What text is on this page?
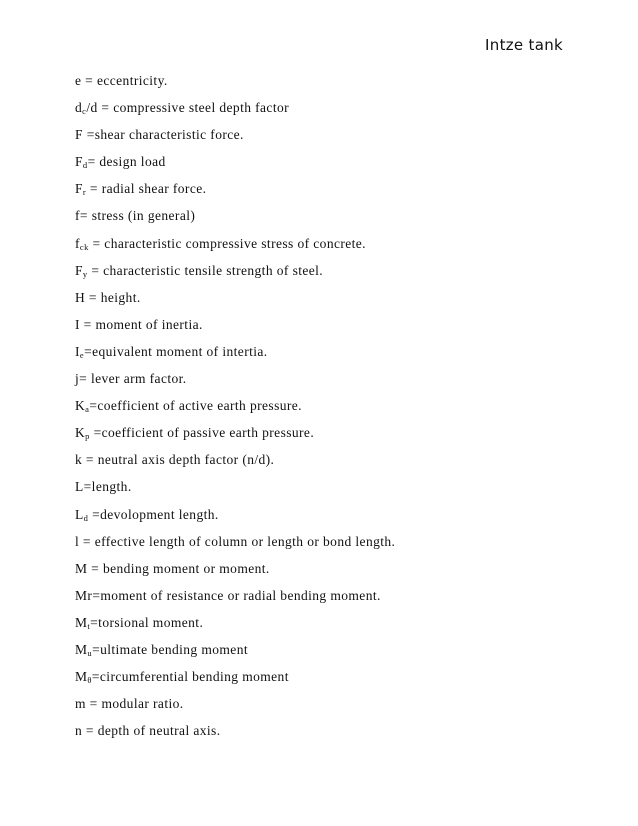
Intze tank
e = eccentricity.
$d_c/d$ = compressive steel depth factor
F =shear characteristic force.
$F_d=$ design load
$F_r$ = radial shear force.
f= stress (in general)
$f_{ck}$ = characteristic compressive stress of concrete.
$F_y$ = characteristic tensile strength of steel.
H = height.
I = moment of inertia.
$I_e=equivalent$ moment of intertia.
j= lever arm factor.
$K_a=coefficient$ of active earth pressure.
$K_p$ =coefficient of passive earth pressure.
k = neutral axis depth factor (n/d).
L=length.
$L_d$ =devolopment length.
l = effective length of column or length or bond length.
M = bending moment or moment.
Mr=moment of resistance or radial bending moment.
$M_t=torsional$ moment.
$M_u=ultimate$ bending moment
$M_\theta=circumferential$ bending moment
m = modular ratio.
n = depth of neutral axis.
